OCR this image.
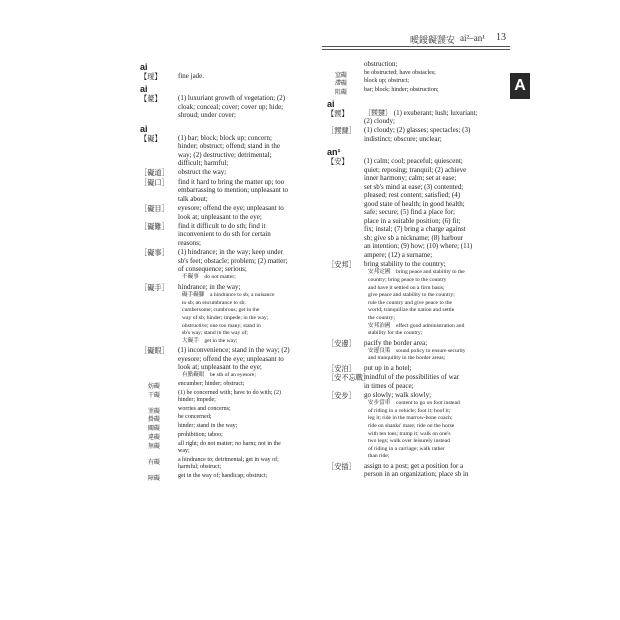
曖鑀礙靉安 ai²–an¹ 13
A
ai
【璦】 fine jade.
ai
【薆】 (1) luxuriant growth of vegetation; (2)
cloak; conceal; cover; cover up; hide;
shroud; under cover;
ai
【礙】 (1) bar; block; block up; concern;
hinder; obstruct; offend; stand in the
way; (2) destructive; detrimental;
difficult; harmful;
［礙道］ obstruct the way;
［礙口］ find it hard to bring the matter up; too
embarrassing to mention; unpleasant to
talk about;
［礙目］ eyesore; offend the eye; unpleasant to
look at; unpleasant to the eye;
［礙難］ find it difficult to do sth; find it
inconvenient to do sth for certain
reasons;
［礙事］ (1) hindrance; in the way; keep under
sb's feet; obstacle; problem; (2) matter;
of consequence; serious;
不礙事　do not matter;
［礙手］ hindrance; in the way;
礙手礙腳　a hindrance to sb; a nuisance
to sb; an encumbrance to sb;
cumbersome; cumbrous; get in the
way of sb; hinder; impede; in the way;
obstructive; one too many; stand in
sb's way; stand in the way of;
大礙手　get in the way;
［礙眼］ (1) inconvenience; stand in the way; (2)
eyesore; offend the eye; unpleasant to
look at; unpleasant to the eye;
有點礙眼　be sth of an eyesore;
妨礙	encumber; hinder; obstruct;
干礙	(1) be concerned with; have to do with; (2)
hinder; impede;
罣礙	worries and concerns;
掛礙	be concerned;
關礙	hinder; stand in the way;
違礙	prohibition; taboo;
無礙	all right; do not matter; no harm; not in the
way;
有礙	a hindrance to; detrimental; get in way of;
harmful; obstruct;
障礙	get in the way of; handicap; obstruct;
obstruction;
窒礙	be obstructed; have obstacles;
滯礙	block up; obstruct;
阻礙	bar; block; hinder; obstruction;
ai
【靉】 ［靉靆］ (1) exuberant; lush; luxuriant;
(2) cloudy;
［靉靆］ (1) cloudy; (2) glasses; spectacles; (3)
indistinct; obscure; unclear;
an¹
【安】 (1) calm; cool; peaceful; quiescent;
quiet; reposing; tranquil; (2) achieve
inner harmony; calm; set at ease;
set sb's mind at ease; (3) contented;
pleased; rest content; satisfied; (4)
good state of health; in good health;
safe; secure; (5) find a place for;
place in a suitable position; (6) fit;
fix; instal; (7) bring a charge against
sb; give sb a nickname; (8) harbour
an intention; (9) how; (10) where; (11)
ampere; (12) a surname;
［安邦］ bring stability to the country;
安邦定國　bring peace and stability to the
country; bring peace to the country
and have it settled on a firm basis;
give peace and stability to the country;
rule the country and give peace to the
world; tranquilize the nation and settle
the country;
安邦治國　effect good administration and
stability for the country;
［安邊］ pacify the border area;
安邊良策　sound policy to ensure security
and tranquility in the border areas;
［安泊］ put up in a hotel;
［安不忘戰］
mindful of the possibilities of war
in times of peace;
［安步］ go slowly; walk slowly;
安步當車　content to go on foot instead
of riding in a vehicle; foot it; hoof it;
leg it; ride in the marrow-bone coach;
ride on shanks' mare; ride on the horse
with ten toes; tramp it; walk on one's
two legs; walk over leisurely instead
of riding in a carriage; walk rather
than ride;
［安插］ assign to a post; get a position for a
person in an organization; place sb in
